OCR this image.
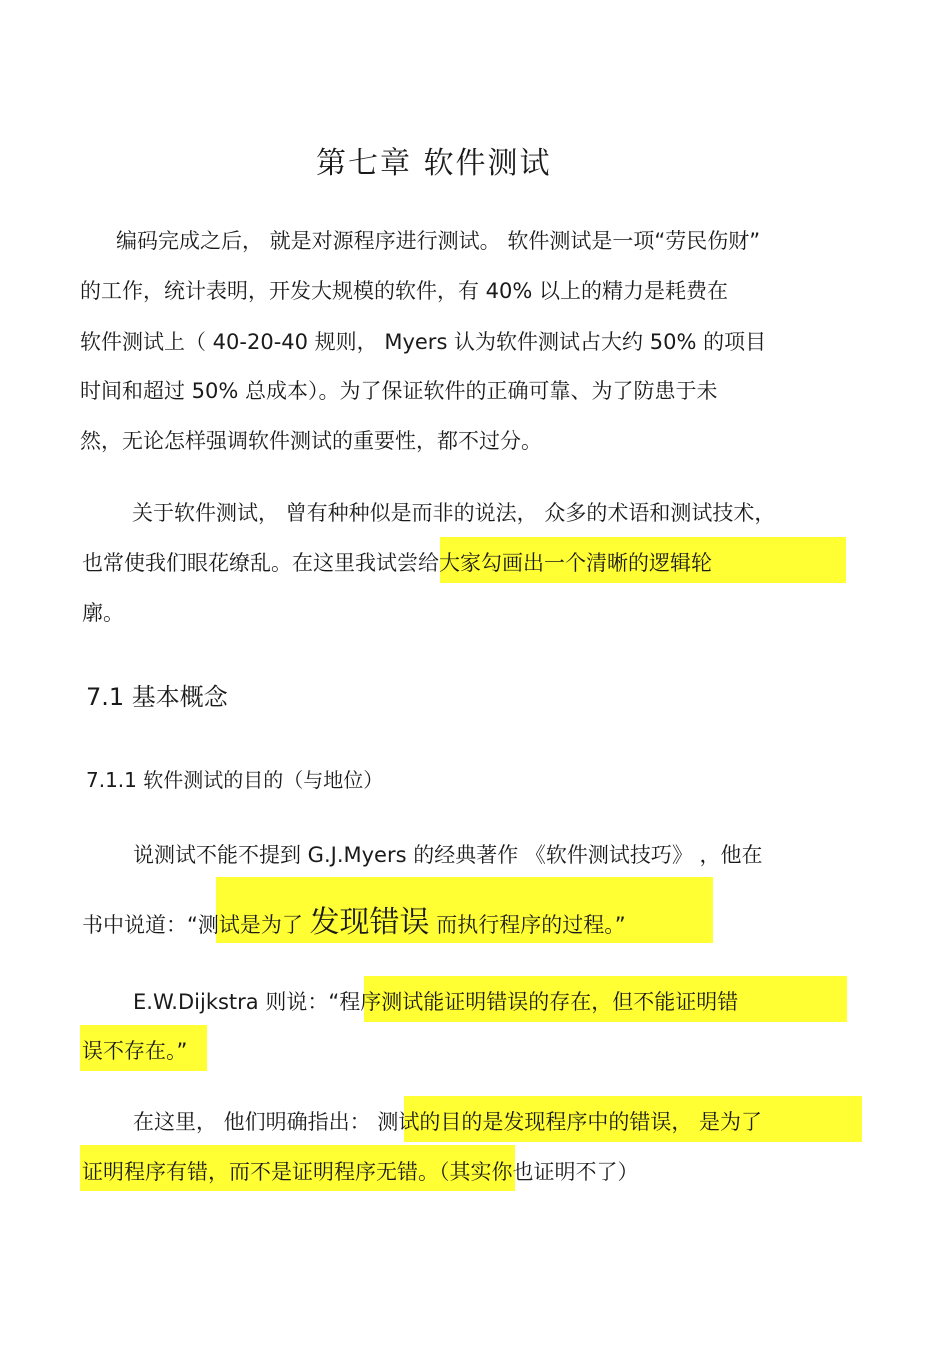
第七章 软件测试
编码完成之后， 就是对源程序进行测试。 软件测试是一项“劳民伤财”
的工作，统计表明，开发大规模的软件，有 40% 以上的精力是耗费在
软件测试上（ 40-20-40 规则， Myers 认为软件测试占大约 50% 的项目
时间和超过 50% 总成本）。为了保证软件的正确可靠、为了防患于未
然，无论怎样强调软件测试的重要性，都不过分。
关于软件测试， 曾有种种似是而非的说法， 众多的术语和测试技术，
也常使我们眼花缭乱。在这里我试尝给大家勾画出一个清晰的逻辑轮
廓。
7.1 基本概念
7.1.1 软件测试的目的（与地位）
说测试不能不提到 G.J.Myers 的经典著作 《软件测试技巧》 ，他在
书中说道：“测试是为了 发现错误 而执行程序的过程。”
E.W.Dijkstra 则说：“程序测试能证明错误的存在，但不能证明错
误不存在。”
在这里， 他们明确指出： 测试的目的是发现程序中的错误， 是为了
证明程序有错，而不是证明程序无错。（其实你也证明不了）
